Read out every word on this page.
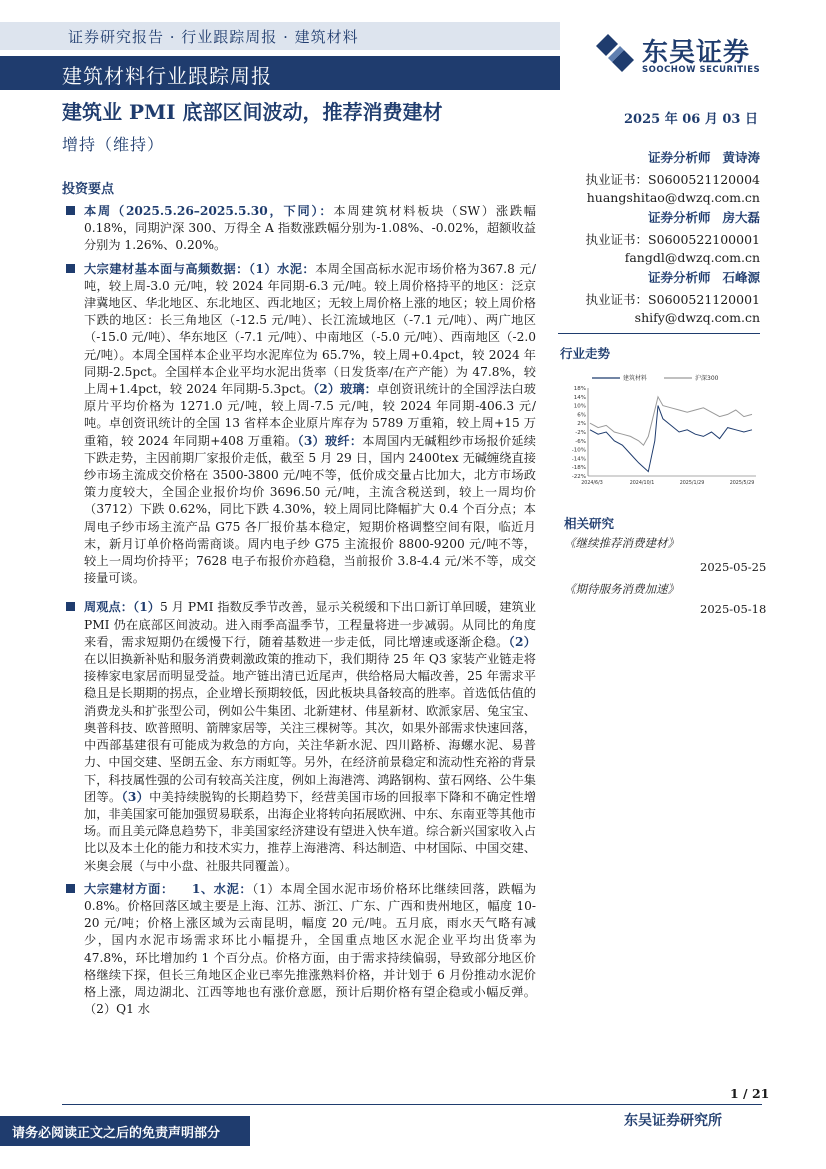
证券研究报告 · 行业跟踪周报 · 建筑材料
建筑材料行业跟踪周报
东吴证券
SOOCHOW SECURITIES
建筑业 PMI 底部区间波动，推荐消费建材	2025 年 06 月 03 日
增持（维持）
证券分析师 黄诗涛
执业证书：S0600521120004
huangshitao@dwzq.com.cn
证券分析师 房大磊
执业证书：S0600522100001
fangdl@dwzq.com.cn
证券分析师 石峰源
执业证书：S0600521120001
shify@dwzq.com.cn
行业走势
18%
14%
10%
6%
2%
-2%
-6%
-10%
-14%
-18%
-22%
2024/6/3	2024/10/1	2025/1/29	2025/5/29
建筑材料	沪深300
相关研究
《继续推荐消费建材》
2025-05-25
《期待服务消费加速》
2025-05-18
投资要点
本周（2025.5.26–2025.5.30，下同）：本周建筑材料板块（SW）涨跌幅0.18%，同期沪深 300、万得全 A 指数涨跌幅分别为-1.08%、-0.02%，超额收益分别为 1.26%、0.20%。
大宗建材基本面与高频数据：（1）水泥：本周全国高标水泥市场价格为367.8 元/吨，较上周-3.0 元/吨，较 2024 年同期-6.3 元/吨。较上周价格持平的地区：泛京津冀地区、华北地区、东北地区、西北地区；无较上周价格上涨的地区；较上周价格下跌的地区：长三角地区（-12.5 元/吨）、长江流域地区（-7.1 元/吨）、两广地区（-15.0 元/吨）、华东地区（-7.1 元/吨）、中南地区（-5.0 元/吨）、西南地区（-2.0 元/吨）。本周全国样本企业平均水泥库位为 65.7%，较上周+0.4pct，较 2024 年同期-2.5pct。全国样本企业平均水泥出货率（日发货率/在产产能）为 47.8%，较上周+1.4pct，较 2024 年同期-5.3pct。（2）玻璃：卓创资讯统计的全国浮法白玻原片平均价格为 1271.0 元/吨，较上周-7.5 元/吨，较 2024 年同期-406.3 元/吨。卓创资讯统计的全国 13 省样本企业原片库存为 5789 万重箱，较上周+15 万重箱，较 2024 年同期+408 万重箱。（3）玻纤：本周国内无碱粗纱市场报价延续下跌走势，主因前期厂家报价走低，截至 5 月 29 日，国内 2400tex 无碱缠绕直接纱市场主流成交价格在 3500-3800 元/吨不等，低价成交量占比加大，北方市场政策力度较大，全国企业报价均价 3696.50 元/吨，主流含税送到，较上一周均价（3712）下跌 0.62%，同比下跌 4.30%，较上周同比降幅扩大 0.4 个百分点；本周电子纱市场主流产品 G75 各厂报价基本稳定，短期价格调整空间有限，临近月末，新月订单价格尚需商谈。周内电子纱 G75 主流报价 8800-9200 元/吨不等，较上一周均价持平；7628 电子布报价亦趋稳，当前报价 3.8-4.4 元/米不等，成交接量可谈。
周观点：（1）5 月 PMI 指数反季节改善，显示关税缓和下出口新订单回暖，建筑业 PMI 仍在底部区间波动。进入雨季高温季节，工程量将进一步减弱。从同比的角度来看，需求短期仍在缓慢下行，随着基数进一步走低，同比增速或逐渐企稳。（2）在以旧换新补贴和服务消费刺激政策的推动下，我们期待 25 年 Q3 家装产业链走将接棒家电家居而明显受益。地产链出清已近尾声，供给格局大幅改善，25 年需求平稳且是长期期的拐点，企业增长预期较低，因此板块具备较高的胜率。首选低估值的消费龙头和扩张型公司，例如公牛集团、北新建材、伟星新材、欧派家居、兔宝宝、奥普科技、欧普照明、箭牌家居等，关注三棵树等。其次，如果外部需求快速回落，中西部基建很有可能成为救急的方向，关注华新水泥、四川路桥、海螺水泥、易普力、中国交建、坚朗五金、东方雨虹等。另外，在经济前景稳定和流动性充裕的背景下，科技属性强的公司有较高关注度，例如上海港湾、鸿路钢构、萤石网络、公牛集团等。（3）中美持续脱钩的长期趋势下，经营美国市场的回报率下降和不确定性增加，非美国家可能加强贸易联系，出海企业将转向拓展欧洲、中东、东南亚等其他市场。而且美元降息趋势下，非美国家经济建设有望进入快车道。综合新兴国家收入占比以及本土化的能力和技术实力，推荐上海港湾、科达制造、中材国际、中国交建、米奥会展（与中小盘、社服共同覆盖）。
大宗建材方面： 1、水泥：（1）本周全国水泥市场价格环比继续回落，跌幅为 0.8%。价格回落区域主要是上海、江苏、浙江、广东、广西和贵州地区，幅度 10-20 元/吨；价格上涨区域为云南昆明，幅度 20 元/吨。五月底，雨水天气略有减少，国内水泥市场需求环比小幅提升，全国重点地区水泥企业平均出货率为 47.8%，环比增加约 1 个百分点。价格方面，由于需求持续偏弱，导致部分地区价格继续下探，但长三角地区企业已率先推涨熟料价格，并计划于 6 月份推动水泥价格上涨，周边湖北、江西等地也有涨价意愿，预计后期价格有望企稳或小幅反弹。（2）Q1 水
1 / 21
请务必阅读正文之后的免责声明部分
东吴证券研究所
